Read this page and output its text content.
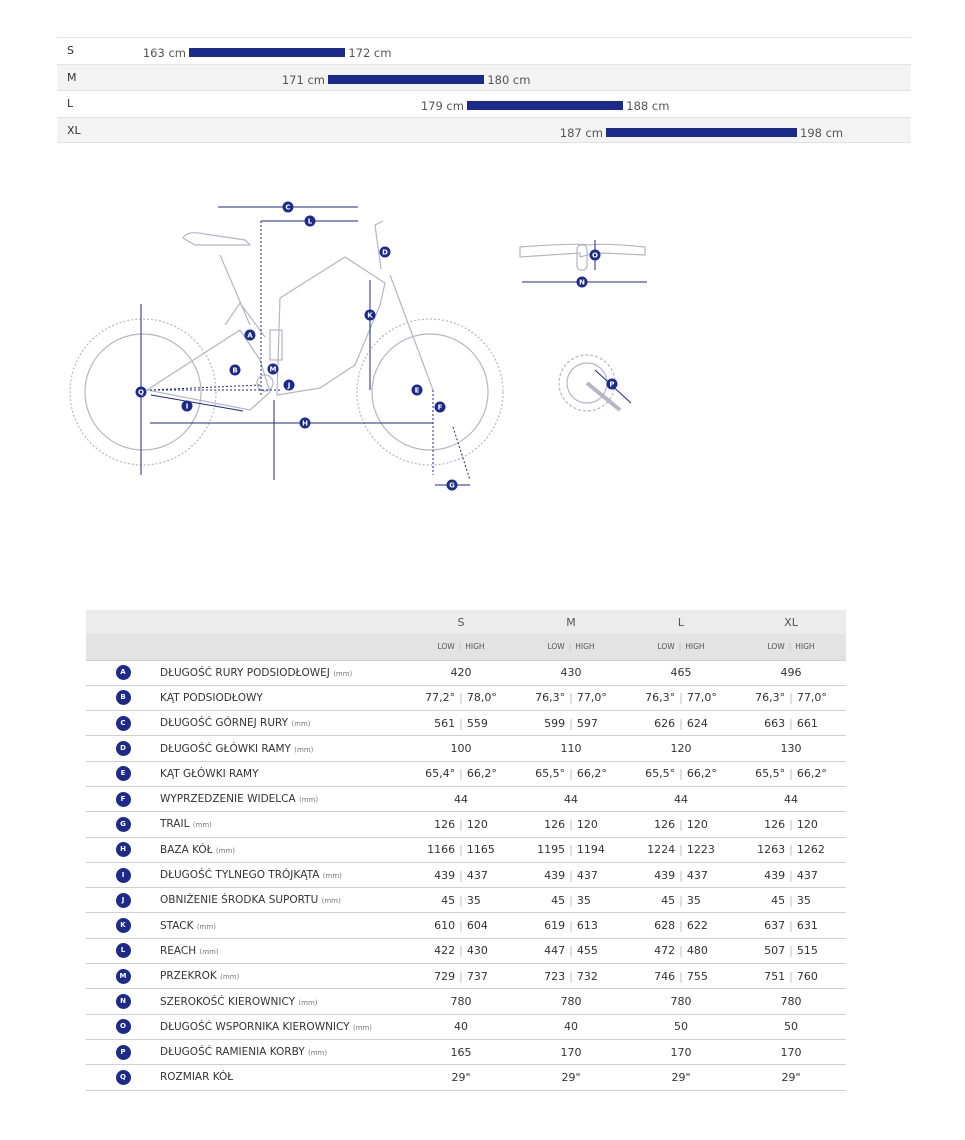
S	163 cm	172 cm
M	171 cm	180 cm
L	179 cm	188 cm
XL	187 cm	198 cm
A
B
C
D
E
F
G
H
I
J
K
L
M
N
O
P
Q
		S	M	L	XL
		LOW | HIGH	LOW | HIGH	LOW | HIGH	LOW | HIGH
A	DŁUGOŚĆ RURY PODSIODŁOWEJ (mm)	420	430	465	496
B	KĄT PODSIODŁOWY	77,2° | 78,0°	76,3° | 77,0°	76,3° | 77,0°	76,3° | 77,0°
C	DŁUGOŚĆ GÓRNEJ RURY (mm)	561 | 559	599 | 597	626 | 624	663 | 661
D	DŁUGOŚĆ GŁÓWKI RAMY (mm)	100	110	120	130
E	KĄT GŁÓWKI RAMY	65,4° | 66,2°	65,5° | 66,2°	65,5° | 66,2°	65,5° | 66,2°
F	WYPRZEDZENIE WIDELCA (mm)	44	44	44	44
G	TRAIL (mm)	126 | 120	126 | 120	126 | 120	126 | 120
H	BAZA KÓŁ (mm)	1166 | 1165	1195 | 1194	1224 | 1223	1263 | 1262
I	DŁUGOŚĆ TYLNEGO TRÓJKĄTA (mm)	439 | 437	439 | 437	439 | 437	439 | 437
J	OBNIŻENIE ŚRODKA SUPORTU (mm)	45 | 35	45 | 35	45 | 35	45 | 35
K	STACK (mm)	610 | 604	619 | 613	628 | 622	637 | 631
L	REACH (mm)	422 | 430	447 | 455	472 | 480	507 | 515
M	PRZEKROK (mm)	729 | 737	723 | 732	746 | 755	751 | 760
N	SZEROKOŚĆ KIEROWNICY (mm)	780	780	780	780
O	DŁUGOŚĆ WSPORNIKA KIEROWNICY (mm)	40	40	50	50
P	DŁUGOŚĆ RAMIENIA KORBY (mm)	165	170	170	170
Q	ROZMIAR KÓŁ	29"	29"	29"	29"
